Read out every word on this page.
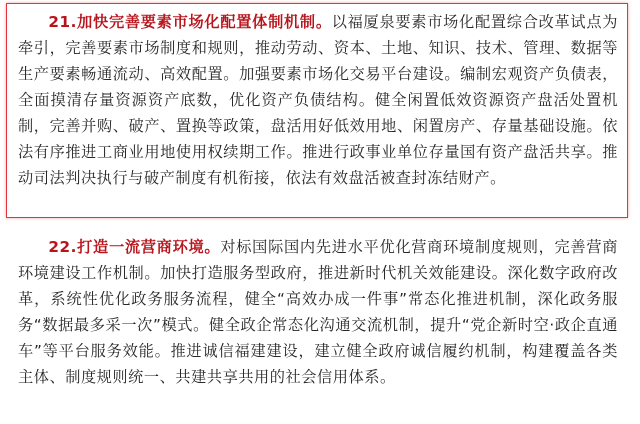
21.加快完善要素市场化配置体制机制。以福厦泉要素市场化配置综合改革试点为牵引，完善要素市场制度和规则，推动劳动、资本、土地、知识、技术、管理、数据等生产要素畅通流动、高效配置。加强要素市场化交易平台建设。编制宏观资产负债表，全面摸清存量资源资产底数，优化资产负债结构。健全闲置低效资源资产盘活处置机制，完善并购、破产、置换等政策，盘活用好低效用地、闲置房产、存量基础设施。依法有序推进工商业用地使用权续期工作。推进行政事业单位存量国有资产盘活共享。推动司法判决执行与破产制度有机衔接，依法有效盘活被查封冻结财产。

22.打造一流营商环境。对标国际国内先进水平优化营商环境制度规则，完善营商环境建设工作机制。加快打造服务型政府，推进新时代机关效能建设。深化数字政府改革，系统性优化政务服务流程，健全“高效办成一件事”常态化推进机制，深化政务服务“数据最多采一次”模式。健全政企常态化沟通交流机制，提升“党企新时空·政企直通车”等平台服务效能。推进诚信福建建设，建立健全政府诚信履约机制，构建覆盖各类主体、制度规则统一、共建共享共用的社会信用体系。
